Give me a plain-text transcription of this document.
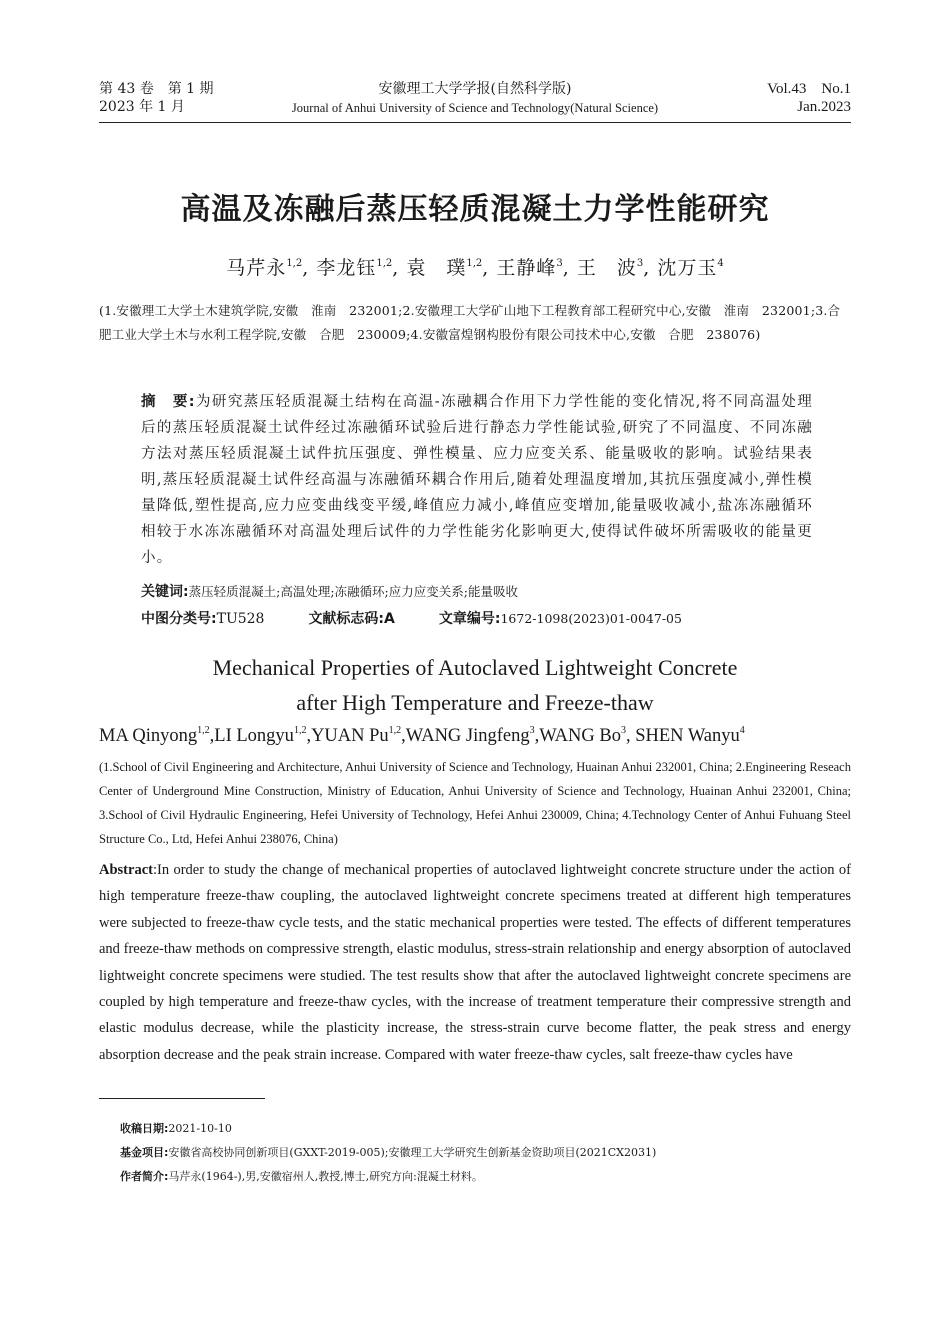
第 43 卷　第 1 期
2023 年 1 月
安徽理工大学学报(自然科学版)
Journal of Anhui University of Science and Technology(Natural Science)
Vol.43　No.1
Jan.2023
高温及冻融后蒸压轻质混凝土力学性能研究
马芹永$^{1,2}$, 李龙钰$^{1,2}$, 袁　璞$^{1,2}$, 王静峰$^3$, 王　波$^3$, 沈万玉$^4$
(1.安徽理工大学土木建筑学院,安徽　淮南　232001;2.安徽理工大学矿山地下工程教育部工程研究中心,安徽　淮南　232001;3.合肥工业大学土木与水利工程学院,安徽　合肥　230009;4.安徽富煌钢构股份有限公司技术中心,安徽　合肥　238076)
摘　要:为研究蒸压轻质混凝土结构在高温-冻融耦合作用下力学性能的变化情况,将不同高温处理后的蒸压轻质混凝土试件经过冻融循环试验后进行静态力学性能试验,研究了不同温度、不同冻融方法对蒸压轻质混凝土试件抗压强度、弹性模量、应力应变关系、能量吸收的影响。试验结果表明,蒸压轻质混凝土试件经高温与冻融循环耦合作用后,随着处理温度增加,其抗压强度减小,弹性模量降低,塑性提高,应力应变曲线变平缓,峰值应力减小,峰值应变增加,能量吸收减小,盐冻冻融循环相较于水冻冻融循环对高温处理后试件的力学性能劣化影响更大,使得试件破坏所需吸收的能量更小。
关键词:蒸压轻质混凝土;高温处理;冻融循环;应力应变关系;能量吸收
中图分类号:TU528	文献标志码:A	文章编号:1672-1098(2023)01-0047-05
Mechanical Properties of Autoclaved Lightweight Concrete
after High Temperature and Freeze-thaw
MA Qinyong$^{1,2}$,LI Longyu$^{1,2}$,YUAN Pu$^{1,2}$,WANG Jingfeng$^3$,WANG Bo$^3$, SHEN Wanyu$^4$
(1.School of Civil Engineering and Architecture, Anhui University of Science and Technology, Huainan Anhui 232001, China; 2.Engineering Reseach Center of Underground Mine Construction, Ministry of Education, Anhui University of Science and Technology, Huainan Anhui 232001, China; 3.School of Civil Hydraulic Engineering, Hefei University of Technology, Hefei Anhui 230009, China; 4.Technology Center of Anhui Fuhuang Steel Structure Co., Ltd, Hefei Anhui 238076, China)
Abstract:In order to study the change of mechanical properties of autoclaved lightweight concrete structure under the action of high temperature freeze-thaw coupling, the autoclaved lightweight concrete specimens treated at different high temperatures were subjected to freeze-thaw cycle tests, and the static mechanical properties were tested. The effects of different temperatures and freeze-thaw methods on compressive strength, elastic modulus, stress-strain relationship and energy absorption of autoclaved lightweight concrete specimens were studied. The test results show that after the autoclaved lightweight concrete specimens are coupled by high temperature and freeze-thaw cycles, with the increase of treatment temperature their compressive strength and elastic modulus decrease, while the plasticity increase, the stress-strain curve become flatter, the peak stress and energy absorption decrease and the peak strain increase. Compared with water freeze-thaw cycles, salt freeze-thaw cycles have
收稿日期:2021-10-10
基金项目:安徽省高校协同创新项目(GXXT-2019-005);安徽理工大学研究生创新基金资助项目(2021CX2031)
作者简介:马芹永(1964-),男,安徽宿州人,教授,博士,研究方向:混凝土材料。
